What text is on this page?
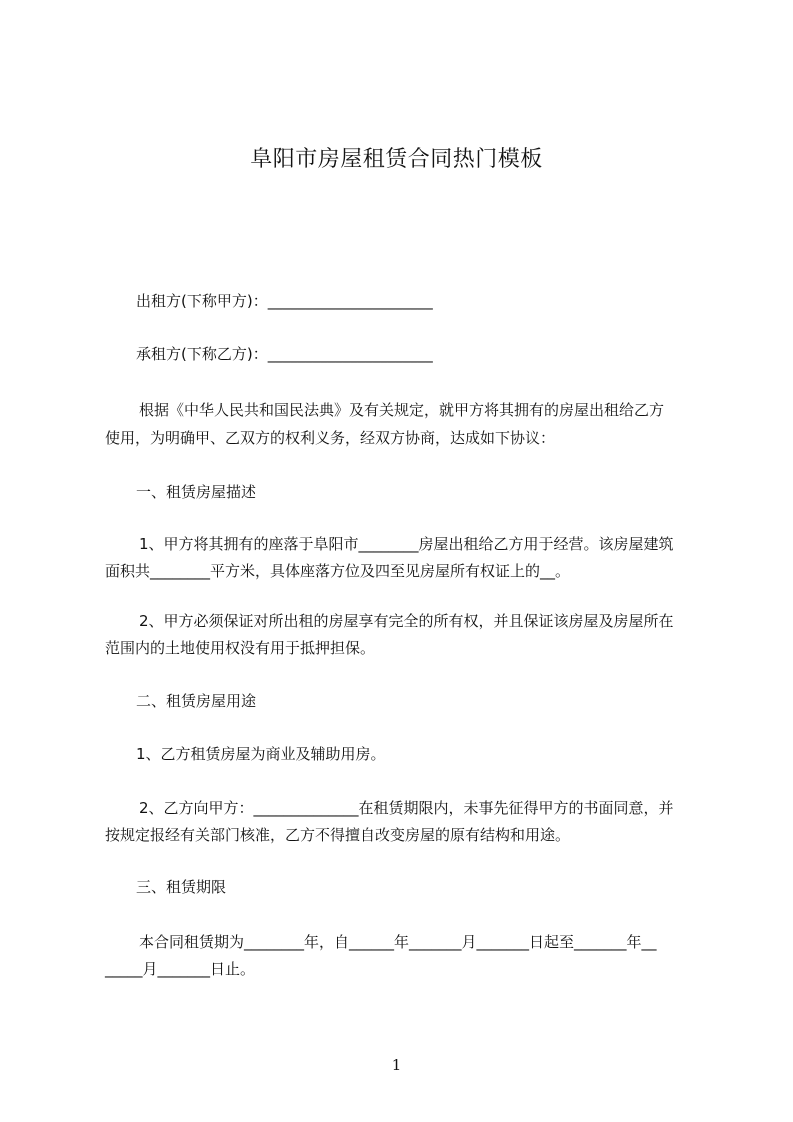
阜阳市房屋租赁合同热门模板
出租方(下称甲方)：______________________
承租方(下称乙方)：______________________
根据《中华人民共和国民法典》及有关规定，就甲方将其拥有的房屋出租给乙方
使用，为明确甲、乙双方的权利义务，经双方协商，达成如下协议：
一、租赁房屋描述
1、甲方将其拥有的座落于阜阳市________房屋出租给乙方用于经营。该房屋建筑
面积共________平方米，具体座落方位及四至见房屋所有权证上的__。
2、甲方必须保证对所出租的房屋享有完全的所有权，并且保证该房屋及房屋所在
范围内的土地使用权没有用于抵押担保。
二、租赁房屋用途
1、乙方租赁房屋为商业及辅助用房。
2、乙方向甲方：______________在租赁期限内，未事先征得甲方的书面同意，并
按规定报经有关部门核准，乙方不得擅自改变房屋的原有结构和用途。
三、租赁期限
本合同租赁期为________年，自______年_______月_______日起至_______年__
_____月_______日止。
1
